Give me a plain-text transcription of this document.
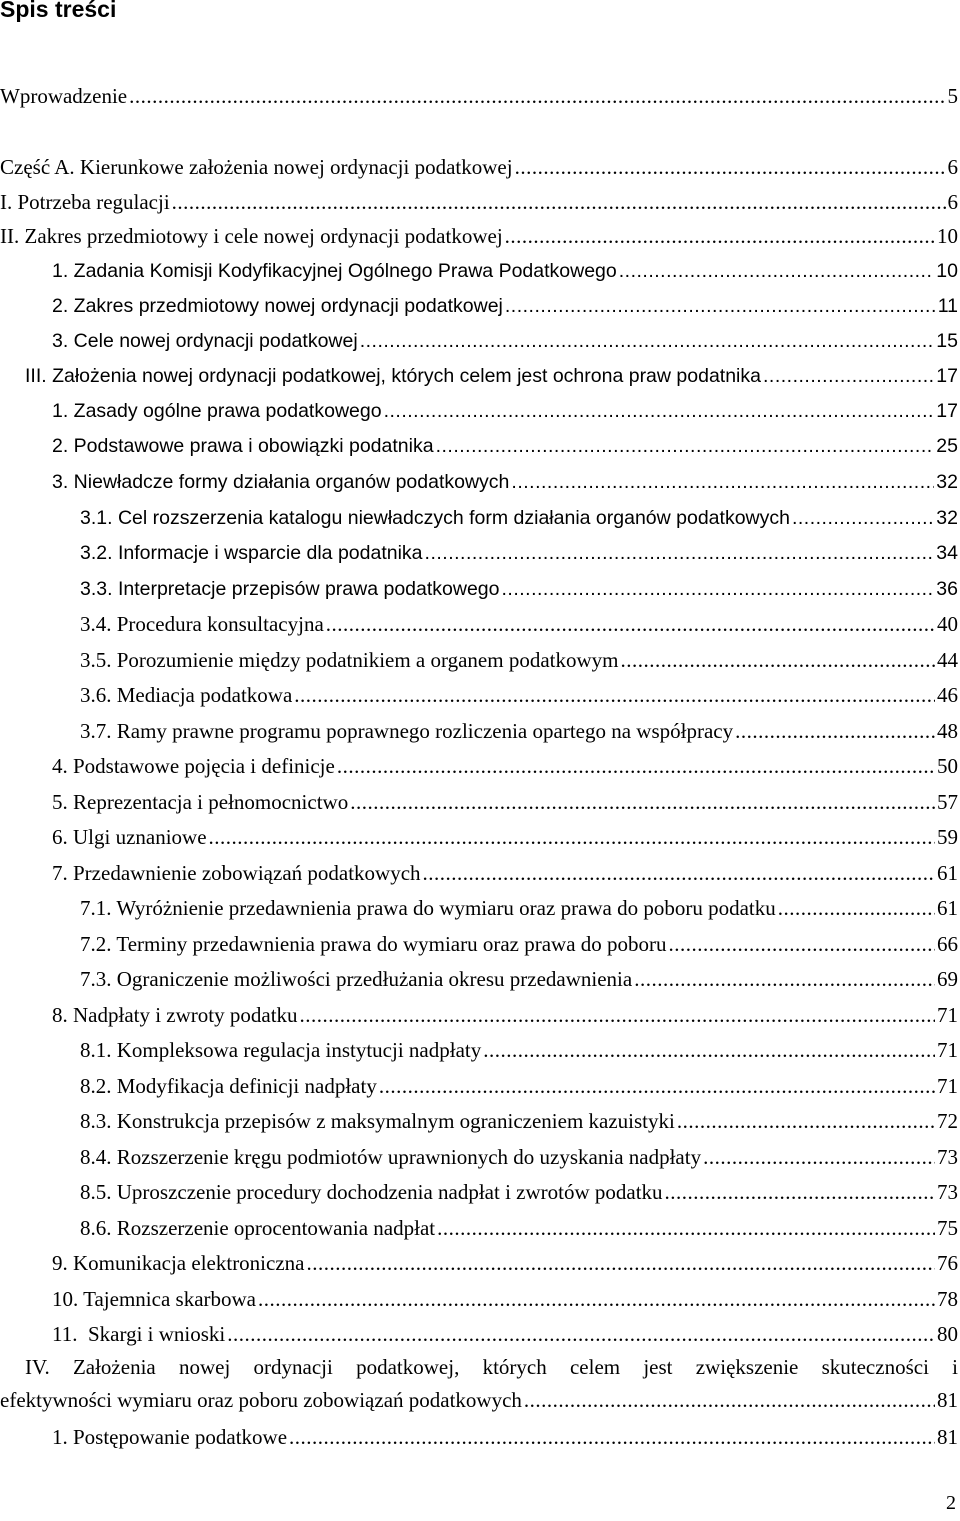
Spis treści
Wprowadzenie .....	5
Część A. Kierunkowe założenia nowej ordynacji podatkowej .....	6
I. Potrzeba regulacji .....	6
II. Zakres przedmiotowy i cele nowej ordynacji podatkowej .....	10
1. Zadania Komisji Kodyfikacyjnej Ogólnego Prawa Podatkowego .....	10
2. Zakres przedmiotowy nowej ordynacji podatkowej .....	11
3. Cele nowej ordynacji podatkowej .....	15
III. Założenia nowej ordynacji podatkowej, których celem jest ochrona praw podatnika .....	17
1. Zasady ogólne prawa podatkowego .....	17
2. Podstawowe prawa i obowiązki podatnika .....	25
3. Niewładcze formy działania organów podatkowych .....	32
3.1. Cel rozszerzenia katalogu niewładczych form działania organów podatkowych .....	32
3.2. Informacje i wsparcie dla podatnika .....	34
3.3. Interpretacje przepisów prawa podatkowego .....	36
3.4. Procedura konsultacyjna .....	40
3.5. Porozumienie między podatnikiem a organem podatkowym .....	44
3.6. Mediacja podatkowa .....	46
3.7. Ramy prawne programu poprawnego rozliczenia opartego na współpracy .....	48
4. Podstawowe pojęcia i definicje .....	50
5. Reprezentacja i pełnomocnictwo .....	57
6. Ulgi uznaniowe .....	59
7. Przedawnienie zobowiązań podatkowych .....	61
7.1. Wyróżnienie przedawnienia prawa do wymiaru oraz prawa do poboru podatku .....	61
7.2. Terminy przedawnienia prawa do wymiaru oraz prawa do poboru .....	66
7.3. Ograniczenie możliwości przedłużania okresu przedawnienia .....	69
8. Nadpłaty i zwroty podatku .....	71
8.1. Kompleksowa regulacja instytucji nadpłaty .....	71
8.2. Modyfikacja definicji nadpłaty .....	71
8.3. Konstrukcja przepisów z maksymalnym ograniczeniem kazuistyki .....	72
8.4. Rozszerzenie kręgu podmiotów uprawnionych do uzyskania nadpłaty .....	73
8.5. Uproszczenie procedury dochodzenia nadpłat i zwrotów podatku .....	73
8.6. Rozszerzenie oprocentowania nadpłat .....	75
9. Komunikacja elektroniczna .....	76
10. Tajemnica skarbowa .....	78
11.  Skargi i wnioski .....	80
IV. Założenia nowej ordynacji podatkowej, których celem jest zwiększenie skuteczności i
efektywności wymiaru oraz poboru zobowiązań podatkowych .....	81
1. Postępowanie podatkowe .....	81
2
